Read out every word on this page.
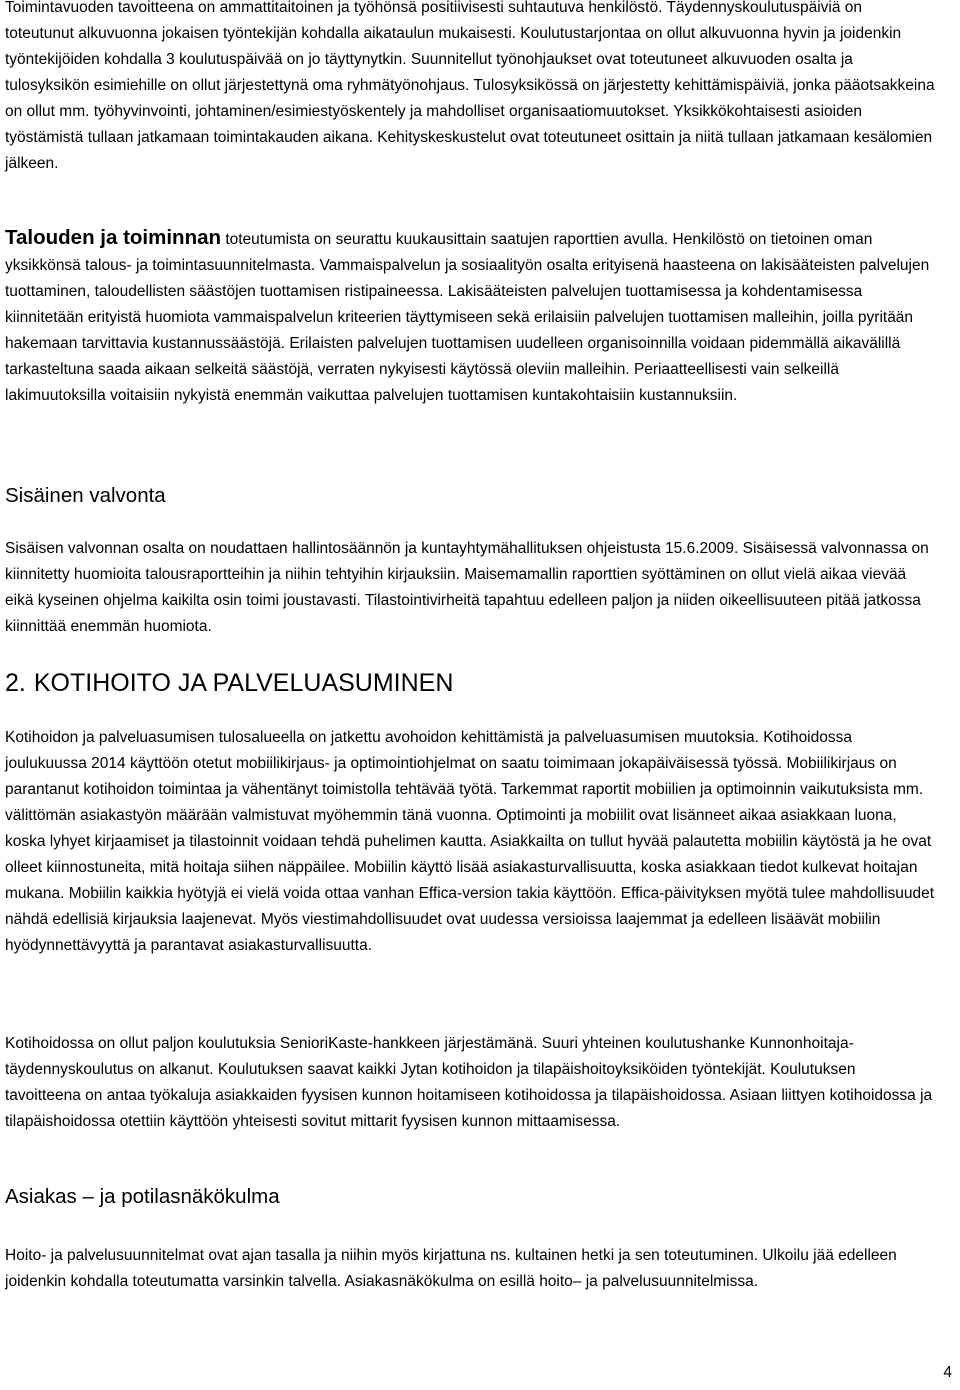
Toimintavuoden tavoitteena on ammattitaitoinen ja työhönsä positiivisesti suhtautuva henkilöstö. Täydennyskoulutuspäiviä on toteutunut alkuvuonna jokaisen työntekijän kohdalla aikataulun mukaisesti. Koulutustarjontaa on ollut alkuvuonna hyvin ja joidenkin työntekijöiden kohdalla 3 koulutuspäivää on jo täyttynytkin. Suunnitellut työnohjaukset ovat toteutuneet alkuvuoden osalta ja tulosyksikön esimiehille on ollut järjestettynä oma ryhmätyönohjaus. Tulosyksikössä on järjestetty kehittämispäiviä, jonka pääotsakkeina on ollut mm. työhyvinvointi, johtaminen/esimiestyöskentely ja mahdolliset organisaatiomuutokset. Yksikkökohtaisesti asioiden työstämistä tullaan jatkamaan toimintakauden aikana. Kehityskeskustelut ovat toteutuneet osittain ja niitä tullaan jatkamaan kesälomien jälkeen.

Talouden ja toiminnan toteutumista on seurattu kuukausittain saatujen raporttien avulla. Henkilöstö on tietoinen oman yksikkönsä talous- ja toimintasuunnitelmasta. Vammaispalvelun ja sosiaalityön osalta erityisenä haasteena on lakisääteisten palvelujen tuottaminen, taloudellisten säästöjen tuottamisen ristipaineessa. Lakisääteisten palvelujen tuottamisessa ja kohdentamisessa kiinnitetään erityistä huomiota vammaispalvelun kriteerien täyttymiseen sekä erilaisiin palvelujen tuottamisen malleihin, joilla pyritään hakemaan tarvittavia kustannussäästöjä. Erilaisten palvelujen tuottamisen uudelleen organisoinnilla voidaan pidemmällä aikavälillä tarkasteltuna saada aikaan selkeitä säästöjä, verraten nykyisesti käytössä oleviin malleihin. Periaatteellisesti vain selkeillä lakimuutoksilla voitaisiin nykyistä enemmän vaikuttaa palvelujen tuottamisen kuntakohtaisiin kustannuksiin.

Sisäinen valvonta

Sisäisen valvonnan osalta on noudattaen hallintosäännön ja kuntayhtymähallituksen ohjeistusta 15.6.2009. Sisäisessä valvonnassa on kiinnitetty huomioita talousraportteihin ja niihin tehtyihin kirjauksiin. Maisemamallin raporttien syöttäminen on ollut vielä aikaa vievää eikä kyseinen ohjelma kaikilta osin toimi joustavasti. Tilastointivirheitä tapahtuu edelleen paljon ja niiden oikeellisuuteen pitää jatkossa kiinnittää enemmän huomiota.

2. KOTIHOITO JA PALVELUASUMINEN

Kotihoidon ja palveluasumisen tulosalueella on jatkettu avohoidon kehittämistä ja palveluasumisen muutoksia. Kotihoidossa joulukuussa 2014 käyttöön otetut mobiilikirjaus- ja optimointiohjelmat on saatu toimimaan jokapäiväisessä työssä. Mobiilikirjaus on parantanut kotihoidon toimintaa ja vähentänyt toimistolla tehtävää työtä. Tarkemmat raportit mobiilien ja optimoinnin vaikutuksista mm. välittömän asiakastyön määrään valmistuvat myöhemmin tänä vuonna. Optimointi ja mobiilit ovat lisänneet aikaa asiakkaan luona, koska lyhyet kirjaamiset ja tilastoinnit voidaan tehdä puhelimen kautta. Asiakkailta on tullut hyvää palautetta mobiilin käytöstä ja he ovat olleet kiinnostuneita, mitä hoitaja siihen näppäilee. Mobiilin käyttö lisää asiakasturvallisuutta, koska asiakkaan tiedot kulkevat hoitajan mukana. Mobiilin kaikkia hyötyjä ei vielä voida ottaa vanhan Effica-version takia käyttöön. Effica-päivityksen myötä tulee mahdollisuudet nähdä edellisiä kirjauksia laajenevat. Myös viestimahdollisuudet ovat uudessa versioissa laajemmat ja edelleen lisäävät mobiilin hyödynnettävyyttä ja parantavat asiakasturvallisuutta.

Kotihoidossa on ollut paljon koulutuksia SenioriKaste-hankkeen järjestämänä. Suuri yhteinen koulutushanke Kunnonhoitaja-täydennyskoulutus on alkanut. Koulutuksen saavat kaikki Jytan kotihoidon ja tilapäishoitoyksiköiden työntekijät. Koulutuksen tavoitteena on antaa työkaluja asiakkaiden fyysisen kunnon hoitamiseen kotihoidossa ja tilapäishoidossa. Asiaan liittyen kotihoidossa ja tilapäishoidossa otettiin käyttöön yhteisesti sovitut mittarit fyysisen kunnon mittaamisessa.

Asiakas – ja potilasnäkökulma

Hoito- ja palvelusuunnitelmat ovat ajan tasalla ja niihin myös kirjattuna ns. kultainen hetki ja sen toteutuminen. Ulkoilu jää edelleen joidenkin kohdalla toteutumatta varsinkin talvella. Asiakasnäkökulma on esillä hoito– ja palvelusuunnitelmissa.

4
